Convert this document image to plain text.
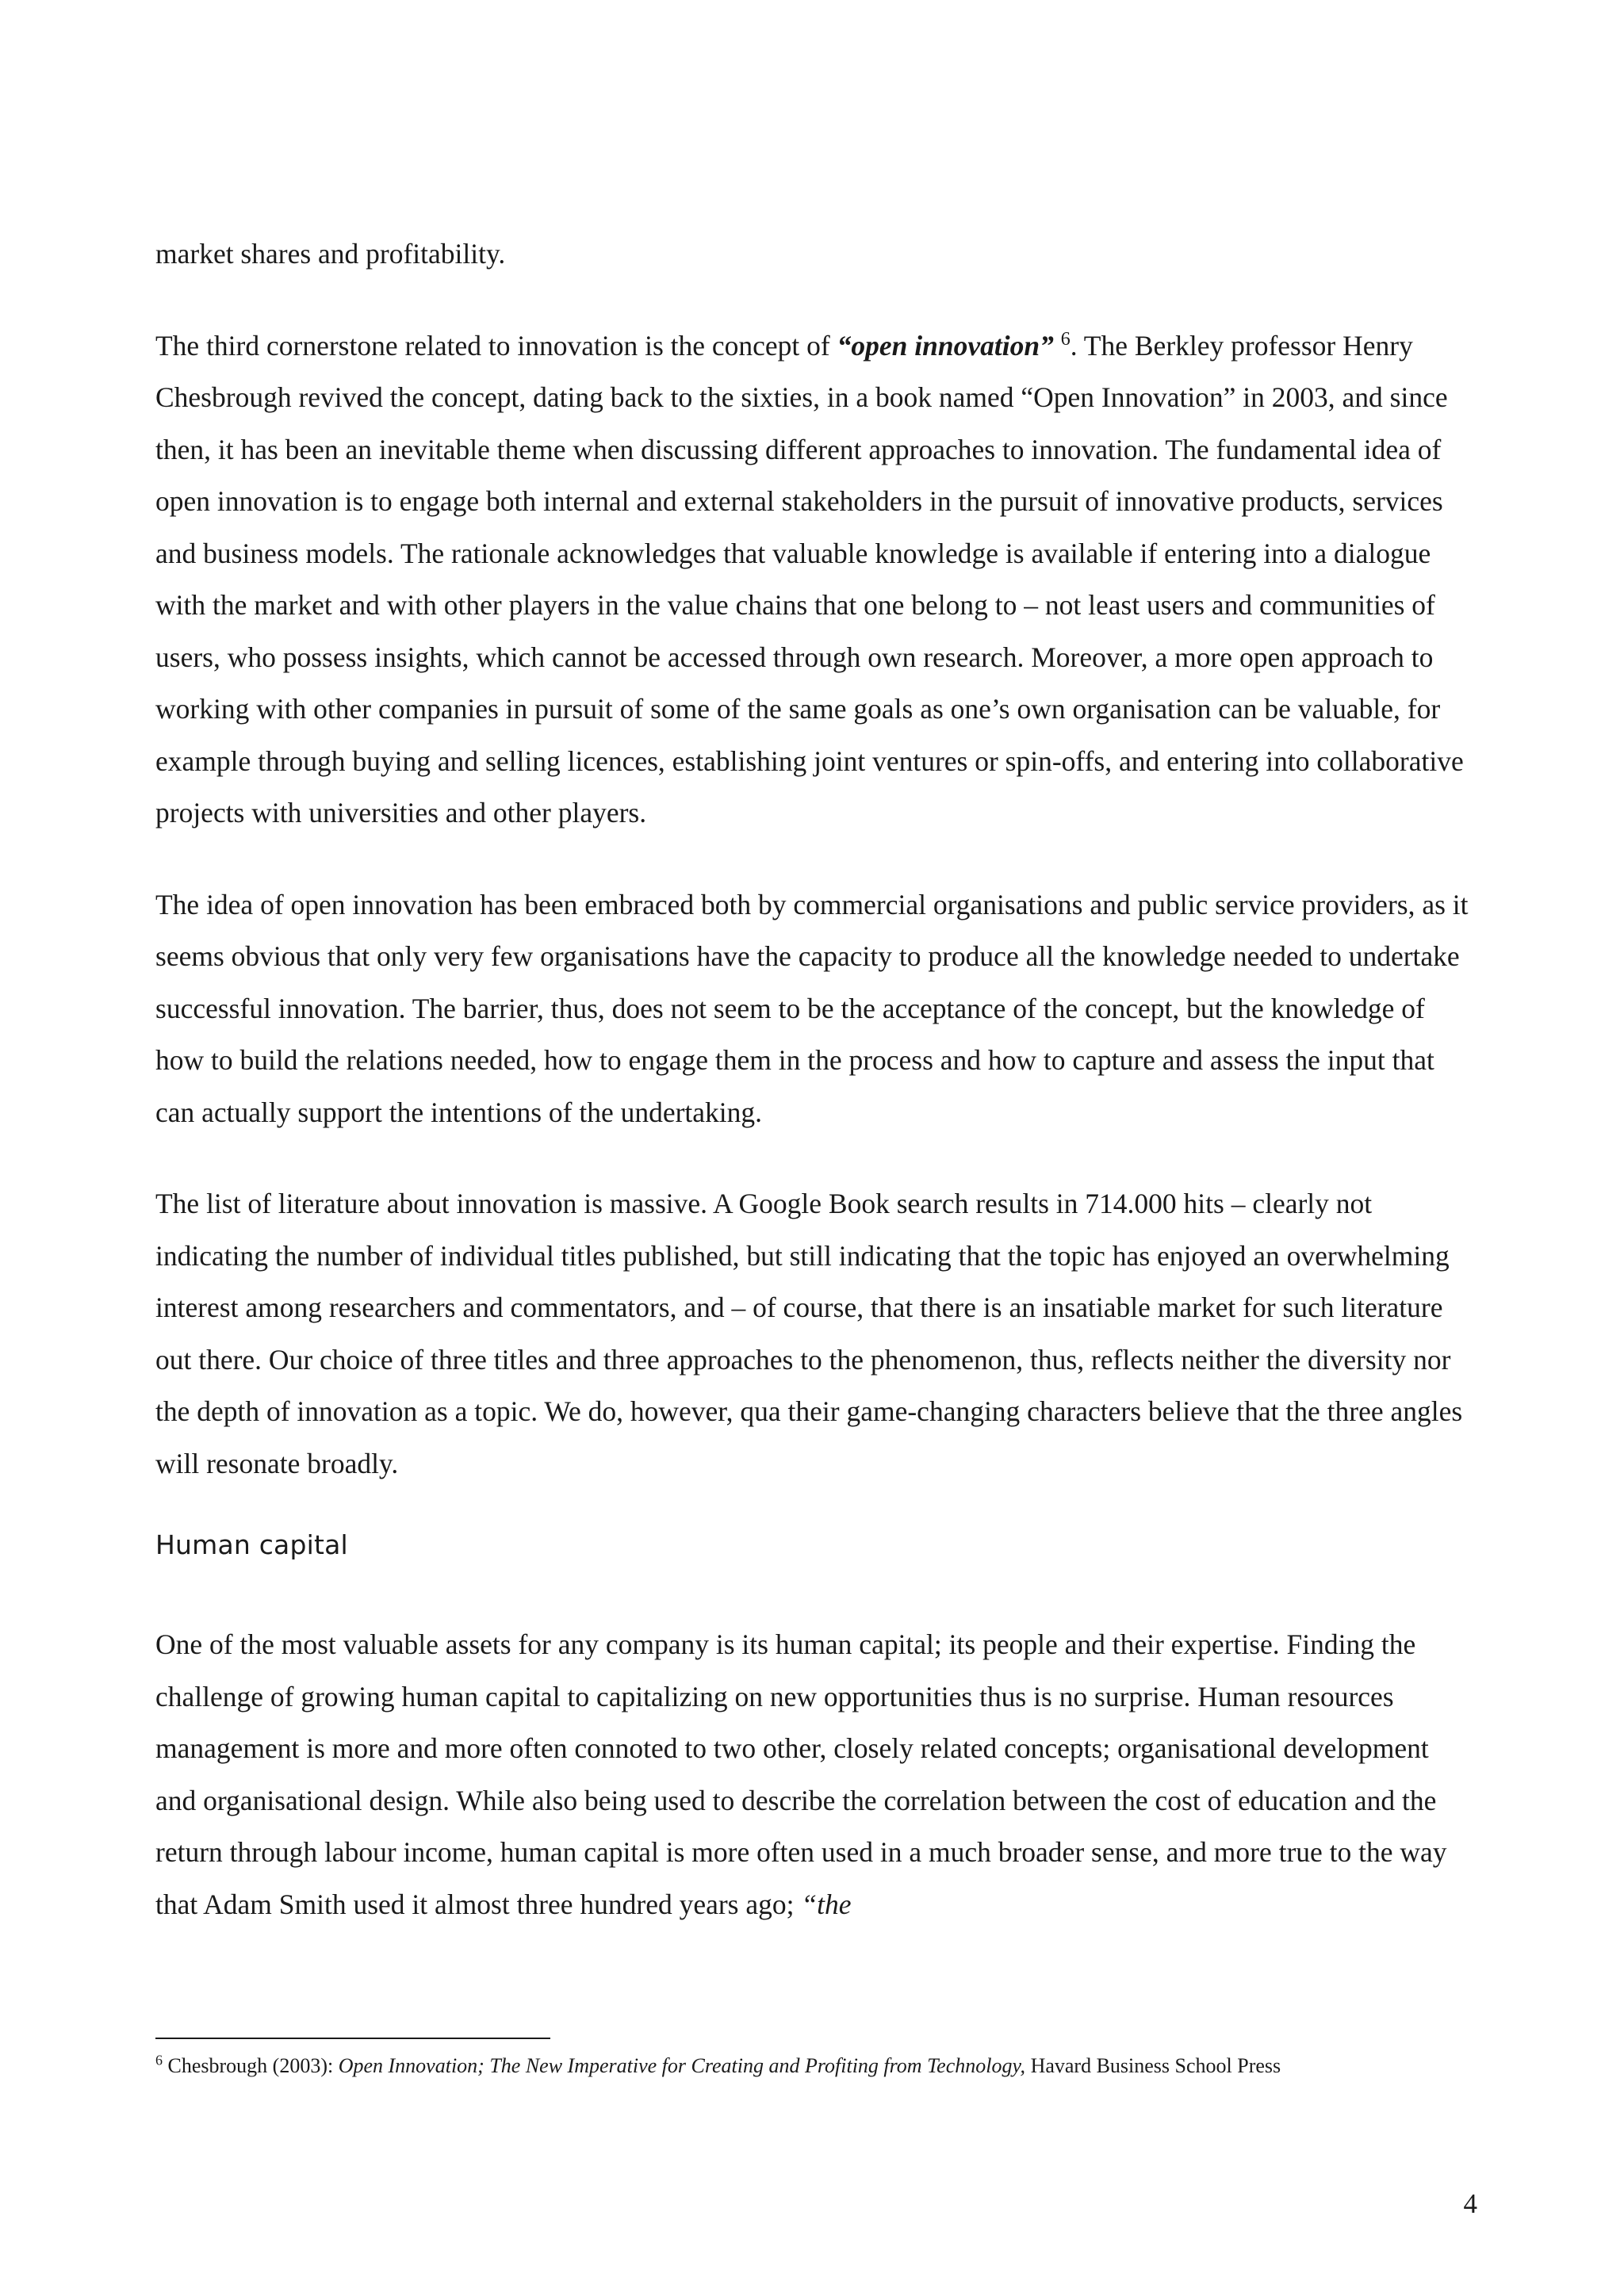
market shares and profitability.

The third cornerstone related to innovation is the concept of “open innovation” $^6$. The Berkley professor Henry Chesbrough revived the concept, dating back to the sixties, in a book named “Open Innovation” in 2003, and since then, it has been an inevitable theme when discussing different approaches to innovation. The fundamental idea of open innovation is to engage both internal and external stakeholders in the pursuit of innovative products, services and business models. The rationale acknowledges that valuable knowledge is available if entering into a dialogue with the market and with other players in the value chains that one belong to – not least users and communities of users, who possess insights, which cannot be accessed through own research. Moreover, a more open approach to working with other companies in pursuit of some of the same goals as one’s own organisation can be valuable, for example through buying and selling licences, establishing joint ventures or spin-offs, and entering into collaborative projects with universities and other players.

The idea of open innovation has been embraced both by commercial organisations and public service providers, as it seems obvious that only very few organisations have the capacity to produce all the knowledge needed to undertake successful innovation. The barrier, thus, does not seem to be the acceptance of the concept, but the knowledge of how to build the relations needed, how to engage them in the process and how to capture and assess the input that can actually support the intentions of the undertaking.

The list of literature about innovation is massive. A Google Book search results in 714.000 hits – clearly not indicating the number of individual titles published, but still indicating that the topic has enjoyed an overwhelming interest among researchers and commentators, and – of course, that there is an insatiable market for such literature out there. Our choice of three titles and three approaches to the phenomenon, thus, reflects neither the diversity nor the depth of innovation as a topic. We do, however, qua their game-changing characters believe that the three angles will resonate broadly.

Human capital

One of the most valuable assets for any company is its human capital; its people and their expertise. Finding the challenge of growing human capital to capitalizing on new opportunities thus is no surprise. Human resources management is more and more often connoted to two other, closely related concepts; organisational development and organisational design. While also being used to describe the correlation between the cost of education and the return through labour income, human capital is more often used in a much broader sense, and more true to the way that Adam Smith used it almost three hundred years ago; “the

$^6$ Chesbrough (2003): Open Innovation; The New Imperative for Creating and Profiting from Technology, Havard Business School Press
4
